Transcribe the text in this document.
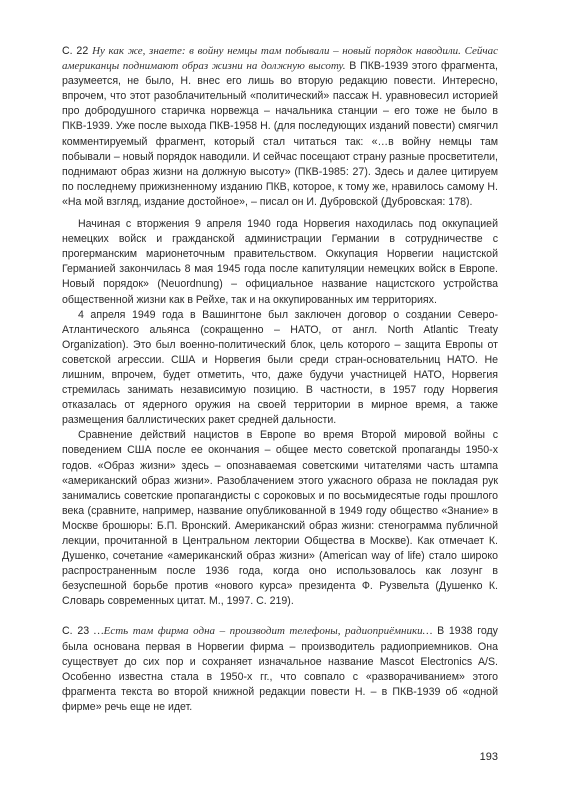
С. 22 Ну как же, знаете: в войну немцы там побывали – новый порядок наводили. Сейчас американцы поднимают образ жизни на должную высоту. В ПКВ-1939 этого фрагмента, разумеется, не было, Н. внес его лишь во вторую редакцию повести. Интересно, впрочем, что этот разоблачительный «политический» пассаж Н. уравновесил историей про добродушного старичка норвежца – начальника станции – его тоже не было в ПКВ-1939. Уже после выхода ПКВ-1958 Н. (для последующих изданий повести) смягчил комментируемый фрагмент, который стал читаться так: «…в войну немцы там побывали – новый порядок наводили. И сейчас посещают страну разные просветители, поднимают образ жизни на должную высоту» (ПКВ-1985: 27). Здесь и далее цитируем по последнему прижизненному изданию ПКВ, которое, к тому же, нравилось самому Н. «На мой взгляд, издание достойное», – писал он И. Дубровской (Дубровская: 178).

Начиная с вторжения 9 апреля 1940 года Норвегия находилась под оккупацией немецких войск и гражданской администрации Германии в сотрудничестве с прогерманским марионеточным правительством. Оккупация Норвегии нацистской Германией закончилась 8 мая 1945 года после капитуляции немецких войск в Европе. Новый порядок» (Neuordnung) – официальное название нацистского устройства общественной жизни как в Рейхе, так и на оккупированных им территориях.

4 апреля 1949 года в Вашингтоне был заключен договор о создании Северо-Атлантического альянса (сокращенно – НАТО, от англ. North Atlantic Treaty Organization). Это был военно-политический блок, цель которого – защита Европы от советской агрессии. США и Норвегия были среди стран-основательниц НАТО. Не лишним, впрочем, будет отметить, что, даже будучи участницей НАТО, Норвегия стремилась занимать независимую позицию. В частности, в 1957 году Норвегия отказалась от ядерного оружия на своей территории в мирное время, а также размещения баллистических ракет средней дальности.

Сравнение действий нацистов в Европе во время Второй мировой войны с поведением США после ее окончания – общее место советской пропаганды 1950-х годов. «Образ жизни» здесь – опознаваемая советскими читателями часть штампа «американский образ жизни». Разоблачением этого ужасного образа не покладая рук занимались советские пропагандисты с сороковых и по восьмидесятые годы прошлого века (сравните, например, название опубликованной в 1949 году общество «Знание» в Москве брошюры: Б.П. Вронский. Американский образ жизни: стенограмма публичной лекции, прочитанной в Центральном лектории Общества в Москве). Как отмечает К. Душенко, сочетание «американский образ жизни» (American way of life) стало широко распространенным после 1936 года, когда оно использовалось как лозунг в безуспешной борьбе против «нового курса» президента Ф. Рузвельта (Душенко К. Словарь современных цитат. М., 1997. С. 219).

С. 23 …Есть там фирма одна – производит телефоны, радиоприёмники… В 1938 году была основана первая в Норвегии фирма – производитель радиоприемников. Она существует до сих пор и сохраняет изначальное название Mascot Electronics A/S. Особенно известна стала в 1950-х гг., что совпало с «разворачиванием» этого фрагмента текста во второй книжной редакции повести Н. – в ПКВ-1939 об «одной фирме» речь еще не идет.

193
